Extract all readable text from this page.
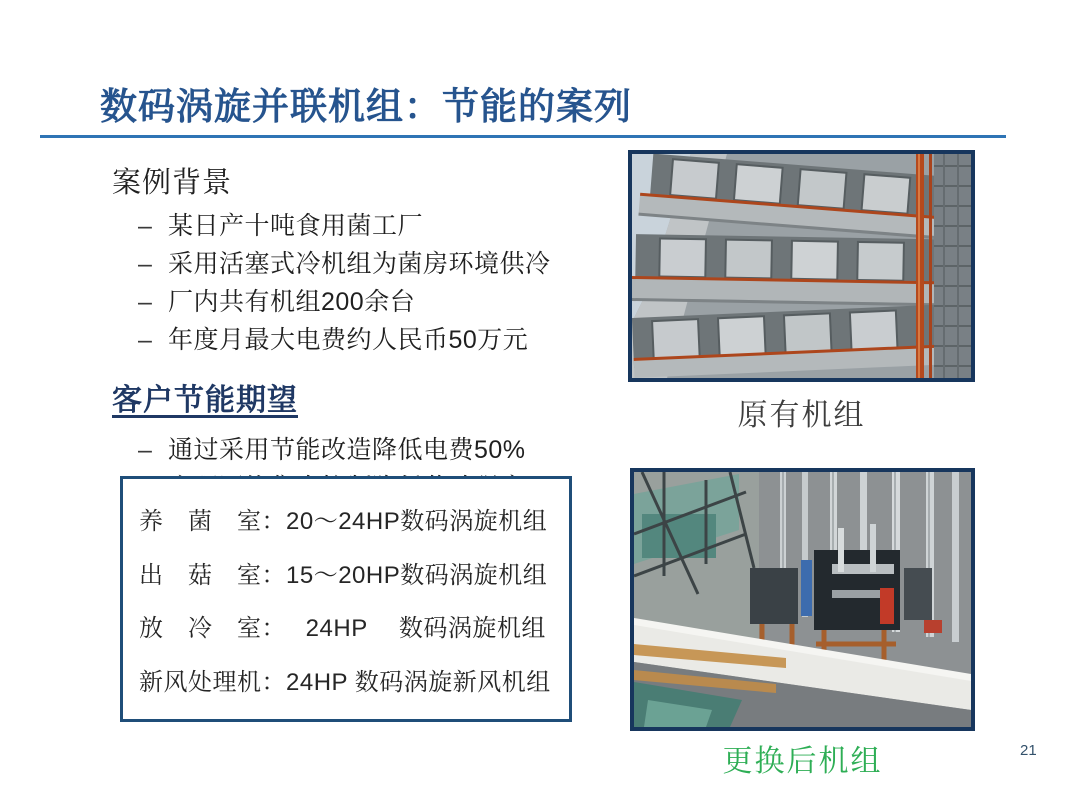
数码涡旋并联机组：节能的案列
案例背景
– 某日产十吨食用菌工厂
– 采用活塞式冷机组为菌房环境供冷
– 厂内共有机组200余台
– 年度月最大电费约人民币50万元
客户节能期望
– 通过采用节能改造降低电费50%
–
养　菌　室：20～24HP数码涡旋机组
出　菇　室：15～20HP数码涡旋机组
放　冷　室：　 24HP　 数码涡旋机组
新风处理机：24HP 数码涡旋新风机组
原有机组
更换后机组	21
